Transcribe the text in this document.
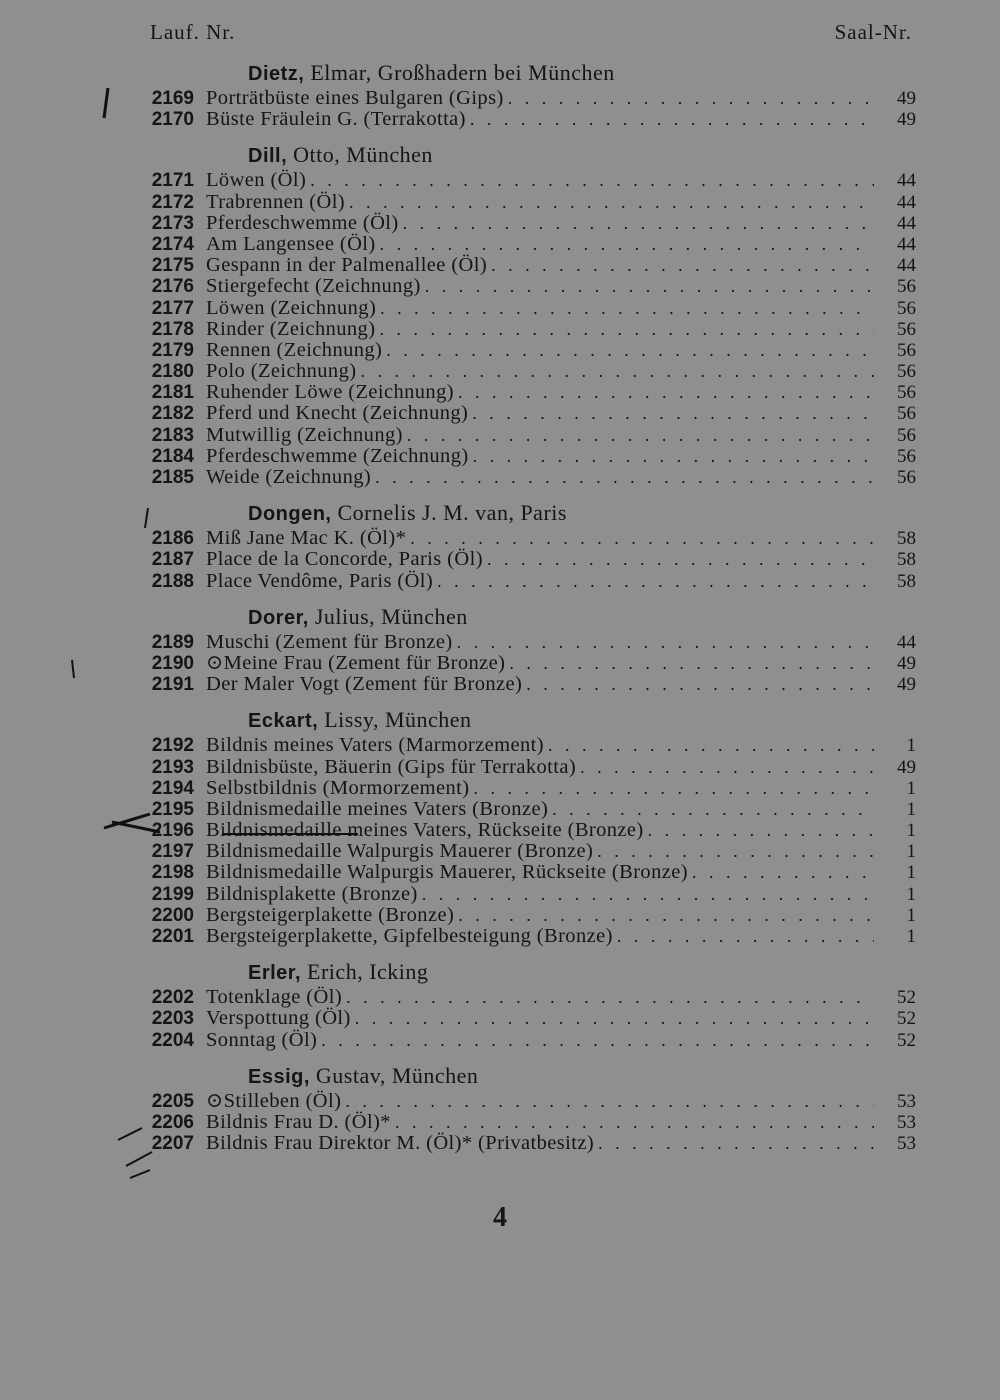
Lauf. Nr.	Saal-Nr.
Dietz, Elmar, Großhadern bei München
2169 Porträtbüste eines Bulgaren (Gips) . . .	49
2170 Büste Fräulein G. (Terrakotta) . . .	49
Dill, Otto, München
2171 Löwen (Öl) . . .	44
2172 Trabrennen (Öl) . . .	44
2173 Pferdeschwemme (Öl) . . .	44
2174 Am Langensee (Öl) . . .	44
2175 Gespann in der Palmenallee (Öl) . . .	44
2176 Stiergefecht (Zeichnung) . . .	56
2177 Löwen (Zeichnung) . . .	56
2178 Rinder (Zeichnung) . . .	56
2179 Rennen (Zeichnung) . . .	56
2180 Polo (Zeichnung) . . .	56
2181 Ruhender Löwe (Zeichnung) . . .	56
2182 Pferd und Knecht (Zeichnung) . . .	56
2183 Mutwillig (Zeichnung) . . .	56
2184 Pferdeschwemme (Zeichnung) . . .	56
2185 Weide (Zeichnung) . . .	56
Dongen, Cornelis J. M. van, Paris
2186 Miß Jane Mac K. (Öl)* . . .	58
2187 Place de la Concorde, Paris (Öl) . . .	58
2188 Place Vendôme, Paris (Öl) . . .	58
Dorer, Julius, München
2189 Muschi (Zement für Bronze) . . .	44
2190 ⊙Meine Frau (Zement für Bronze) . . .	49
2191 Der Maler Vogt (Zement für Bronze) . . .	49
Eckart, Lissy, München
2192 Bildnis meines Vaters (Marmorzement) . . .	1
2193 Bildnisbüste, Bäuerin (Gips für Terrakotta) . . .	49
2194 Selbstbildnis (Mormorzement) . . .	1
2195 Bildnismedaille meines Vaters (Bronze) . . .	1
2196 Bildnismedaille meines Vaters, Rückseite (Bronze) . . .	1
2197 Bildnismedaille Walpurgis Mauerer (Bronze) . . .	1
2198 Bildnismedaille Walpurgis Mauerer, Rückseite (Bronze) . . .	1
2199 Bildnisplakette (Bronze) . . .	1
2200 Bergsteigerplakette (Bronze) . . .	1
2201 Bergsteigerplakette, Gipfelbesteigung (Bronze) . . .	1
Erler, Erich, Icking
2202 Totenklage (Öl) . . .	52
2203 Verspottung (Öl) . . .	52
2204 Sonntag (Öl) . . .	52
Essig, Gustav, München
2205 ⊙Stilleben (Öl) . . .	53
2206 Bildnis Frau D. (Öl)* . . .	53
2207 Bildnis Frau Direktor M. (Öl)* (Privatbesitz) . . .	53
4
